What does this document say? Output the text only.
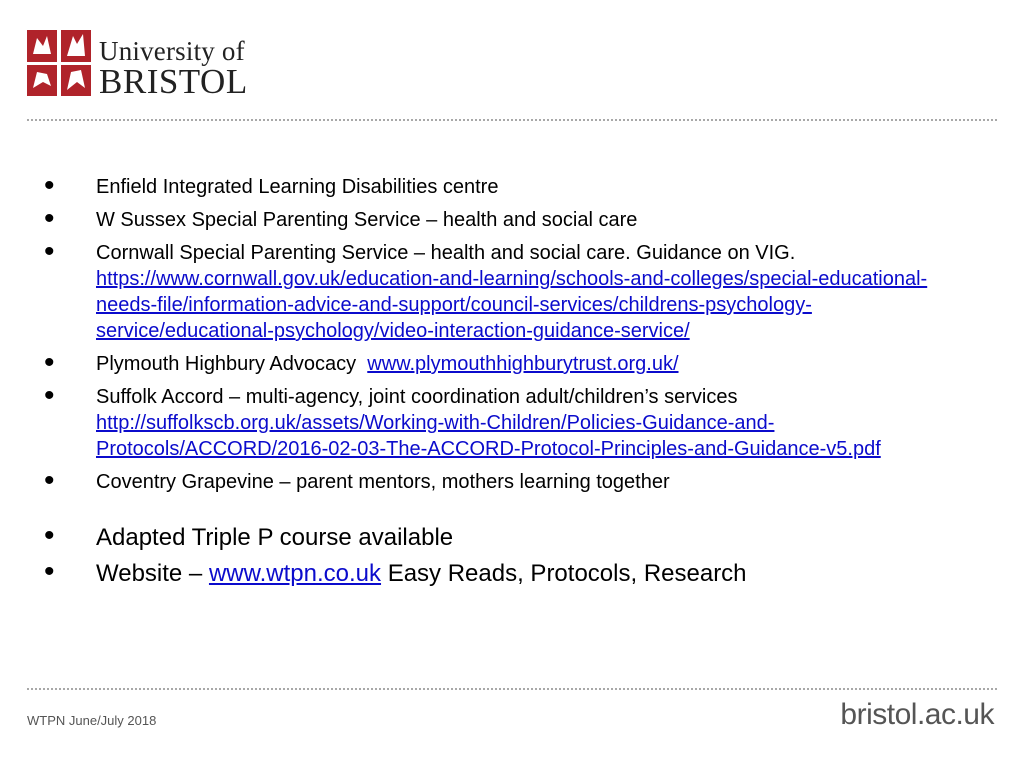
University of
BRISTOL
• Enfield Integrated Learning Disabilities centre
• W Sussex Special Parenting Service – health and social care
• Cornwall Special Parenting Service – health and social care. Guidance on VIG.
https://www.cornwall.gov.uk/education-and-learning/schools-and-colleges/special-educational-needs-file/information-advice-and-support/council-services/childrens-psychology-service/educational-psychology/video-interaction-guidance-service/
• Plymouth Highbury Advocacy www.plymouthhighburytrust.org.uk/
• Suffolk Accord – multi-agency, joint coordination adult/children’s services
http://suffolkscb.org.uk/assets/Working-with-Children/Policies-Guidance-and-Protocols/ACCORD/2016-02-03-The-ACCORD-Protocol-Principles-and-Guidance-v5.pdf
• Coventry Grapevine – parent mentors, mothers learning together
• Adapted Triple P course available
• Website – www.wtpn.co.uk Easy Reads, Protocols, Research
WTPN June/July 2018	bristol.ac.uk
